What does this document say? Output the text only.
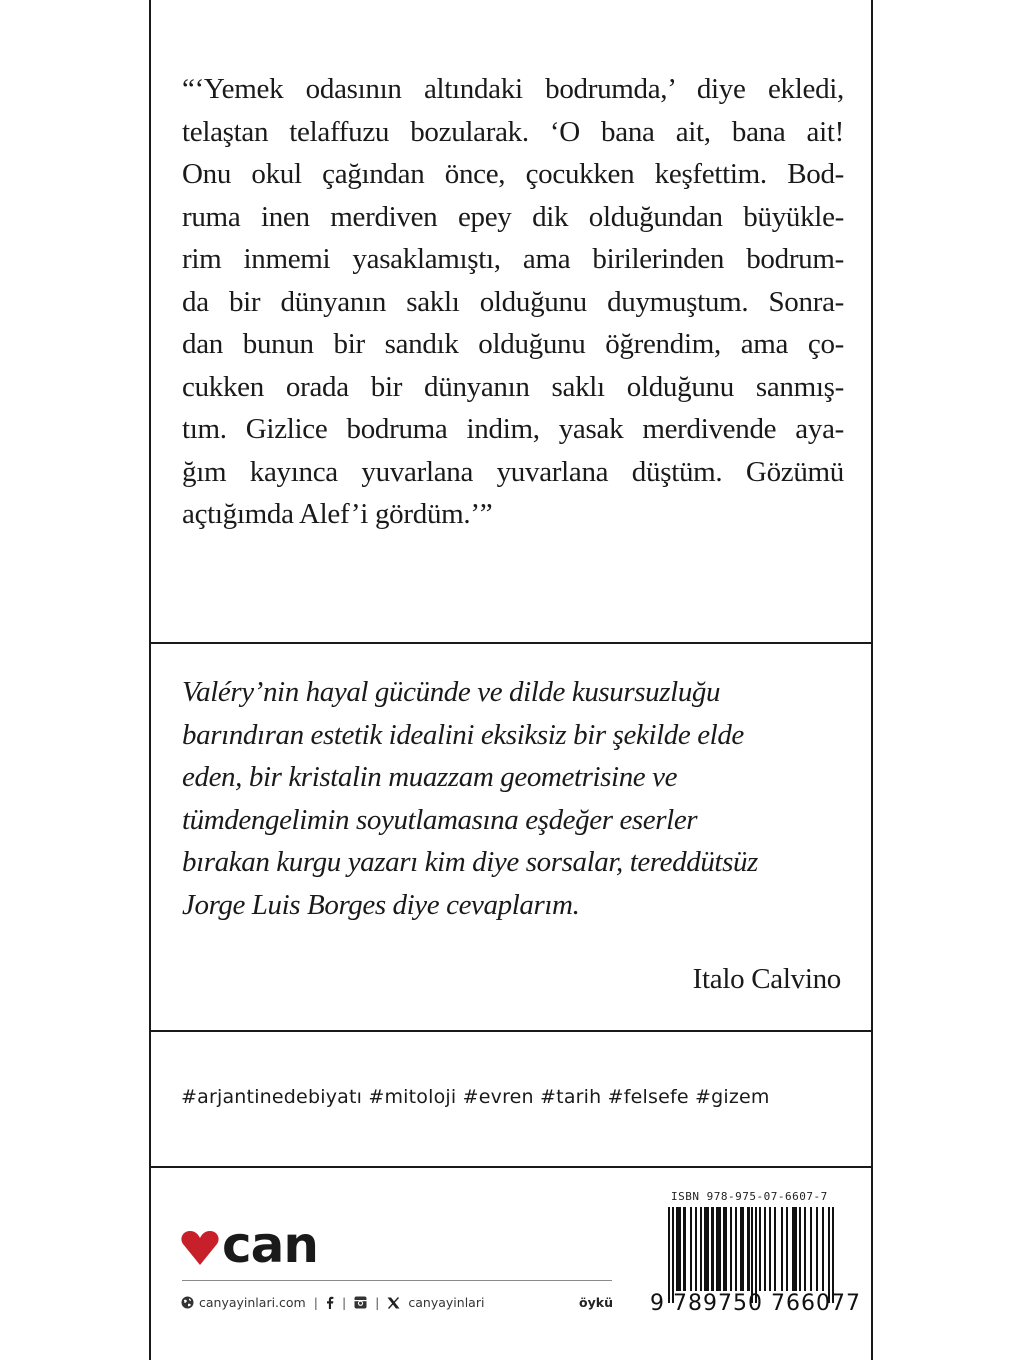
“‘Yemek odasının altındaki bodrumda,’ diye ekledi,
telaştan telaffuzu bozularak. ‘O bana ait, bana ait!
Onu okul çağından önce, çocukken keşfettim. Bod-
ruma inen merdiven epey dik olduğundan büyükle-
rim inmemi yasaklamıştı, ama birilerinden bodrum-
da bir dünyanın saklı olduğunu duymuştum. Sonra-
dan bunun bir sandık olduğunu öğrendim, ama ço-
cukken orada bir dünyanın saklı olduğunu sanmış-
tım. Gizlice bodruma indim, yasak merdivende aya-
ğım kayınca yuvarlana yuvarlana düştüm. Gözümü
açtığımda Alef’i gördüm.’”
Valéry’nin hayal gücünde ve dilde kusursuzluğu
barındıran estetik idealini eksiksiz bir şekilde elde
eden, bir kristalin muazzam geometrisine ve
tümdengelimin soyutlamasına eşdeğer eserler
bırakan kurgu yazarı kim diye sorsalar, tereddütsüz
Jorge Luis Borges diye cevaplarım.
Italo Calvino
#arjantinedebiyatı #mitoloji #evren #tarih #felsefe #gizem
can
canyayinlari.com | | | canyayinlari	öykü
ISBN 978-975-07-6607-7
9 789750 766077
